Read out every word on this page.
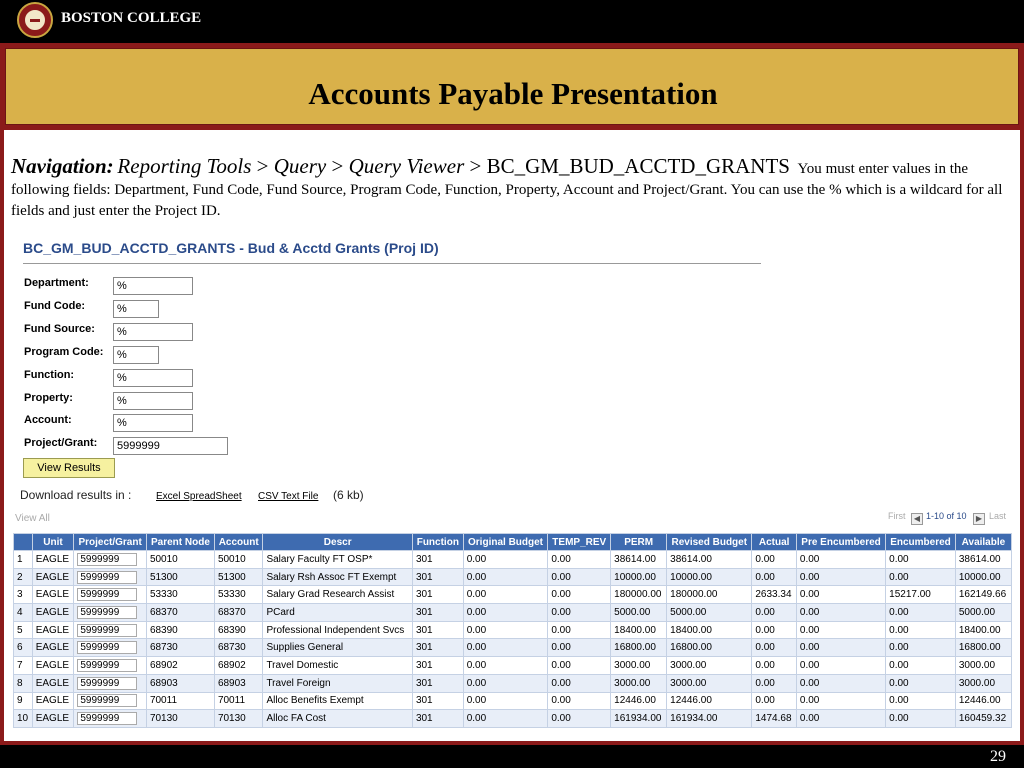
BOSTON COLLEGE
Accounts Payable Presentation
Navigation: Reporting Tools > Query > Query Viewer > BC_GM_BUD_ACCTD_GRANTS You must enter values in the following fields: Department, Fund Code, Fund Source, Program Code, Function, Property, Account and Project/Grant. You can use the % which is a wildcard for all fields and just enter the Project ID.
BC_GM_BUD_ACCTD_GRANTS - Bud & Acctd Grants (Proj ID)
Department:	%
Fund Code:	%
Fund Source:	%
Program Code:	%
Function:	%
Property:	%
Account:	%
Project/Grant:	5999999
View Results
Download results in : Excel SpreadSheet CSV Text File (6 kb)
View All	First	◀ 1-10 of 10	▶ Last
	Unit	Project/Grant	Parent Node	Account	Descr	Function	Original Budget	TEMP_REV	PERM	Revised Budget	Actual	Pre Encumbered	Encumbered	Available
1	EAGLE	5999999	50010	50010	Salary Faculty FT OSP*	301	0.00	0.00	38614.00	38614.00	0.00	0.00	0.00	38614.00
2	EAGLE	5999999	51300	51300	Salary Rsh Assoc FT Exempt	301	0.00	0.00	10000.00	10000.00	0.00	0.00	0.00	10000.00
3	EAGLE	5999999	53330	53330	Salary Grad Research Assist	301	0.00	0.00	180000.00	180000.00	2633.34	0.00	15217.00	162149.66
4	EAGLE	5999999	68370	68370	PCard	301	0.00	0.00	5000.00	5000.00	0.00	0.00	0.00	5000.00
5	EAGLE	5999999	68390	68390	Professional Independent Svcs	301	0.00	0.00	18400.00	18400.00	0.00	0.00	0.00	18400.00
6	EAGLE	5999999	68730	68730	Supplies General	301	0.00	0.00	16800.00	16800.00	0.00	0.00	0.00	16800.00
7	EAGLE	5999999	68902	68902	Travel Domestic	301	0.00	0.00	3000.00	3000.00	0.00	0.00	0.00	3000.00
8	EAGLE	5999999	68903	68903	Travel Foreign	301	0.00	0.00	3000.00	3000.00	0.00	0.00	0.00	3000.00
9	EAGLE	5999999	70011	70011	Alloc Benefits Exempt	301	0.00	0.00	12446.00	12446.00	0.00	0.00	0.00	12446.00
10	EAGLE	5999999	70130	70130	Alloc FA Cost	301	0.00	0.00	161934.00	161934.00	1474.68	0.00	0.00	160459.32
29
